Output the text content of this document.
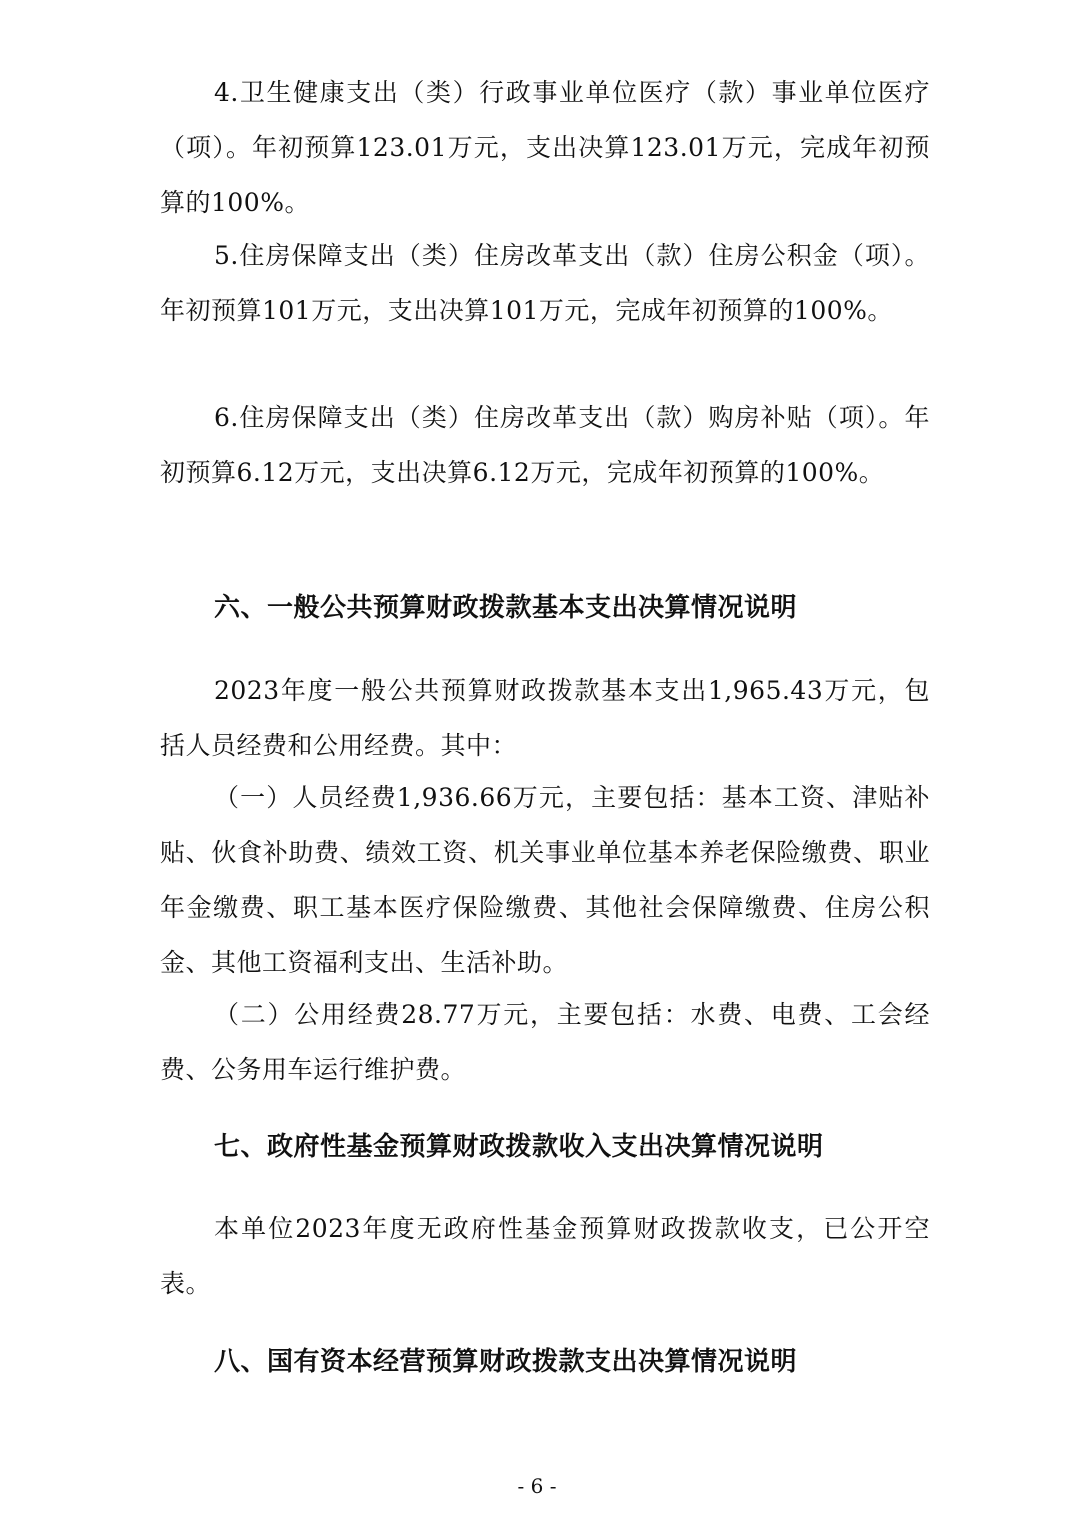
4.卫生健康支出（类）行政事业单位医疗（款）事业单位医疗（项）。年初预算123.01万元，支出决算123.01万元，完成年初预算的100%。

5.住房保障支出（类）住房改革支出（款）住房公积金（项）。年初预算101万元，支出决算101万元，完成年初预算的100%。

6.住房保障支出（类）住房改革支出（款）购房补贴（项）。年初预算6.12万元，支出决算6.12万元，完成年初预算的100%。

六、一般公共预算财政拨款基本支出决算情况说明

2023年度一般公共预算财政拨款基本支出1,965.43万元，包括人员经费和公用经费。其中：

（一）人员经费1,936.66万元，主要包括：基本工资、津贴补贴、伙食补助费、绩效工资、机关事业单位基本养老保险缴费、职业年金缴费、职工基本医疗保险缴费、其他社会保障缴费、住房公积金、其他工资福利支出、生活补助。

（二）公用经费28.77万元，主要包括：水费、电费、工会经费、公务用车运行维护费。

七、政府性基金预算财政拨款收入支出决算情况说明

本单位2023年度无政府性基金预算财政拨款收支，已公开空表。

八、国有资本经营预算财政拨款支出决算情况说明
- 6 -
